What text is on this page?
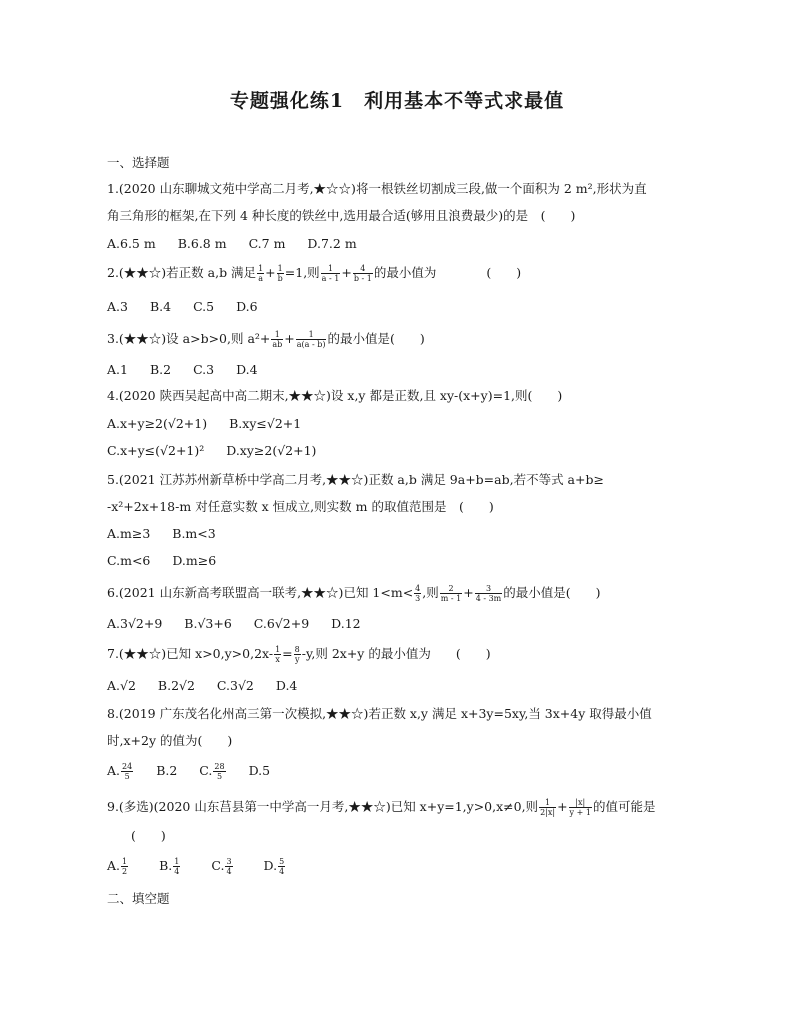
专题强化练1　利用基本不等式求最值
一、选择题
1.(2020 山东聊城文苑中学高二月考,★☆☆)将一根铁丝切割成三段,做一个面积为 2 m²,形状为直
角三角形的框架,在下列 4 种长度的铁丝中,选用最合适(够用且浪费最少)的是　(　　)
A.6.5 m B.6.8 m C.7 m D.7.2 m
2.(★★☆)若正数 a,b 满足 $\frac{1}{a} + \frac{1}{b} =1$,则 $\frac{1}{a - 1} + \frac{4}{b - 1}$ 的最小值为　　　　(　　)
A.3 B.4 C.5 D.6
3.(★★☆)设 a>b>0,则 $a^2+ \frac{1}{ab} + \frac{1}{a(a - b)}$ 的最小值是(　　)
A.1 B.2 C.3 D.4
4.(2020 陕西吴起高中高二期末,★★☆)设 x,y 都是正数,且 xy-(x+y)=1,则(　　)
A.x+y≥2(√2+1) B.xy≤√2+1
C.x+y≤(√2+1)² D.xy≥2(√2+1)
5.(2021 江苏苏州新草桥中学高二月考,★★☆)正数 a,b 满足 9a+b=ab,若不等式 a+b≥
-x²+2x+18-m 对任意实数 x 恒成立,则实数 m 的取值范围是　(　　)
A.m≥3 B.m<3
C.m<6 D.m≥6
6.(2021 山东新高考联盟高一联考,★★☆)已知 $1<m< \frac{4}{3}$ ,则 $\frac{2}{m - 1} + \frac{3}{4 - 3m}$ 的最小值是(　　)
A.3√2+9 B.√3+6 C.6√2+9 D.12
7.(★★☆)已知 $x>0,y>0,2x- \frac{1}{x} = \frac{8}{y} -y$,则 2x+y 的最小值为　　(　　)
A.√2 B.2√2 C.3√2 D.4
8.(2019 广东茂名化州高三第一次模拟,★★☆)若正数 x,y 满足 x+3y=5xy,当 3x+4y 取得最小值
时,x+2y 的值为(　　)
A. $\frac{24}{5} B.2$ C. $\frac{28}{5} D.5$
9.(多选)(2020 山东莒县第一中学高一月考,★★☆)已知 x+y=1,y>0,x≠0,则 $\frac{1}{2|x|} + \frac{|x|}{y + 1}$ 的值可能是
(　　)
A. $\frac{1}{2} B$. $\frac{1}{4} C$. $\frac{3}{4} D$. $\frac{5}{4}$
二、填空题
